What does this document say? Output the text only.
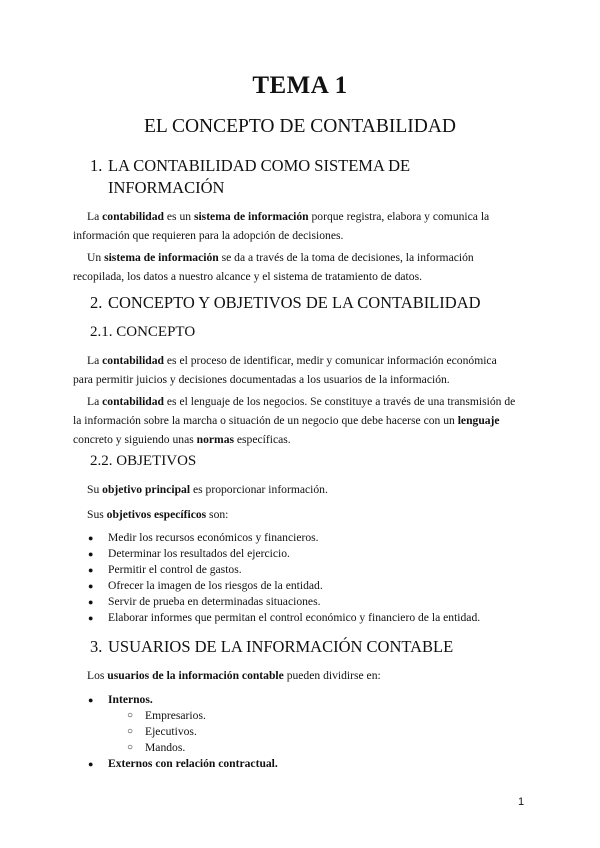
TEMA 1
EL CONCEPTO DE CONTABILIDAD
1. LA CONTABILIDAD COMO SISTEMA DE INFORMACIÓN

La contabilidad es un sistema de información porque registra, elabora y comunica la información que requieren para la adopción de decisiones.

Un sistema de información se da a través de la toma de decisiones, la información recopilada, los datos a nuestro alcance y el sistema de tratamiento de datos.

2. CONCEPTO Y OBJETIVOS DE LA CONTABILIDAD
2.1. CONCEPTO

La contabilidad es el proceso de identificar, medir y comunicar información económica para permitir juicios y decisiones documentadas a los usuarios de la información.

La contabilidad es el lenguaje de los negocios. Se constituye a través de una transmisión de la información sobre la marcha o situación de un negocio que debe hacerse con un lenguaje concreto y siguiendo unas normas específicas.

2.2. OBJETIVOS

Su objetivo principal es proporcionar información.

Sus objetivos específicos son:

● Medir los recursos económicos y financieros.
● Determinar los resultados del ejercicio.
● Permitir el control de gastos.
● Ofrecer la imagen de los riesgos de la entidad.
● Servir de prueba en determinadas situaciones.
● Elaborar informes que permitan el control económico y financiero de la entidad.
3. USUARIOS DE LA INFORMACIÓN CONTABLE

Los usuarios de la información contable pueden dividirse en:

● Internos.
○ Empresarios.
○ Ejecutivos.
○ Mandos.
● Externos con relación contractual.
1
